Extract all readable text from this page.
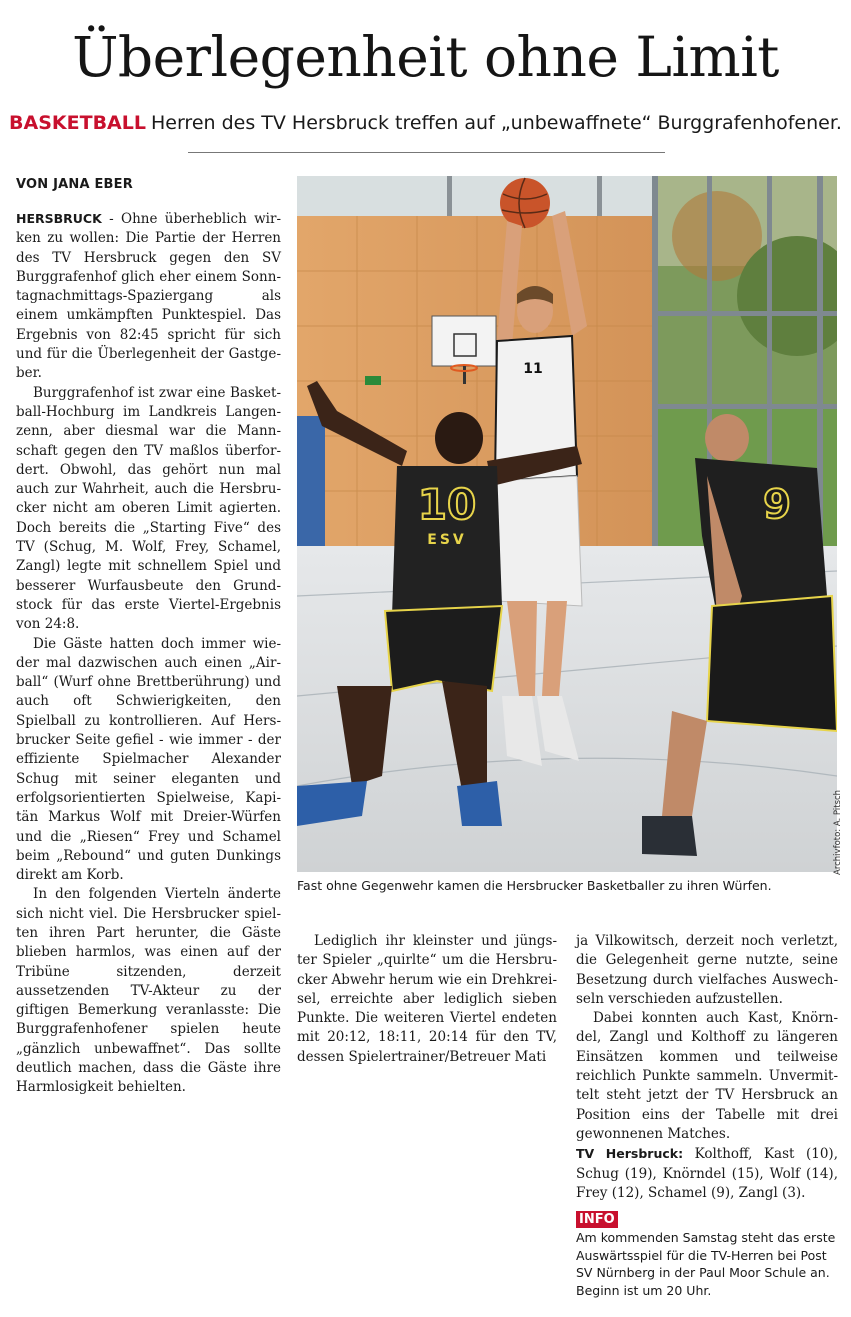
Überlegenheit ohne Limit
BASKETBALL Herren des TV Hersbruck treffen auf „unbewaffnete“ Burggrafenhofener.
VON JANA EBER

HERSBRUCK - Ohne überheblich wirken zu wollen: Die Partie der Herren des TV Hersbruck gegen den SV Burggrafenhof glich eher einem Sonntagnachmittags-Spaziergang als einem umkämpften Punktespiel. Das Ergebnis von 82:45 spricht für sich und für die Überlegenheit der Gastgeber.

Burggrafenhof ist zwar eine Basketball-Hochburg im Landkreis Langenzenn, aber diesmal war die Mannschaft gegen den TV maßlos überfordert. Obwohl, das gehört nun mal auch zur Wahrheit, auch die Hersbrucker nicht am oberen Limit agierten. Doch bereits die „Starting Five“ des TV (Schug, M. Wolf, Frey, Schamel, Zangl) legte mit schnellem Spiel und besserer Wurfausbeute den Grundstock für das erste Viertel-Ergebnis von 24:8.

Die Gäste hatten doch immer wieder mal dazwischen auch einen „Airball“ (Wurf ohne Brettberührung) und auch oft Schwierigkeiten, den Spielball zu kontrollieren. Auf Hersbrucker Seite gefiel - wie immer - der effiziente Spielmacher Alexander Schug mit seiner eleganten und erfolgsorientierten Spielweise, Kapitän Markus Wolf mit Dreier-Würfen und die „Riesen“ Frey und Schamel beim „Rebound“ und guten Dunkings direkt am Korb.

In den folgenden Vierteln änderte sich nicht viel. Die Hersbrucker spielten ihren Part herunter, die Gäste blieben harmlos, was einen auf der Tribüne sitzenden, derzeit aussetzenden TV-Akteur zu der giftigen Bemerkung veranlasste: Die Burggrafenhofener spielen heute „gänzlich unbewaffnet“. Das sollte deutlich machen, dass die Gäste ihre Harmlosigkeit behielten.

11
10
ESV
9
Archivfoto: A. Pitsch
Fast ohne Gegenwehr kamen die Hersbrucker Basketballer zu ihren Würfen.

Lediglich ihr kleinster und jüngster Spieler „quirlte“ um die Hersbrucker Abwehr herum wie ein Drehkreisel, erreichte aber lediglich sieben Punkte. Die weiteren Viertel endeten mit 20:12, 18:11, 20:14 für den TV, dessen Spielertrainer/Betreuer Mati

ja Vilkowitsch, derzeit noch verletzt, die Gelegenheit gerne nutzte, seine Besetzung durch vielfaches Auswechseln verschieden aufzustellen.

Dabei konnten auch Kast, Knörndel, Zangl und Kolthoff zu längeren Einsätzen kommen und teilweise reichlich Punkte sammeln. Unvermittelt steht jetzt der TV Hersbruck an Position eins der Tabelle mit drei gewonnenen Matches.

TV Hersbruck: Kolthoff, Kast (10), Schug (19), Knörndel (15), Wolf (14), Frey (12), Schamel (9), Zangl (3).

INFO
Am kommenden Samstag steht das erste Auswärtsspiel für die TV-Herren bei Post SV Nürnberg in der Paul Moor Schule an. Beginn ist um 20 Uhr.
